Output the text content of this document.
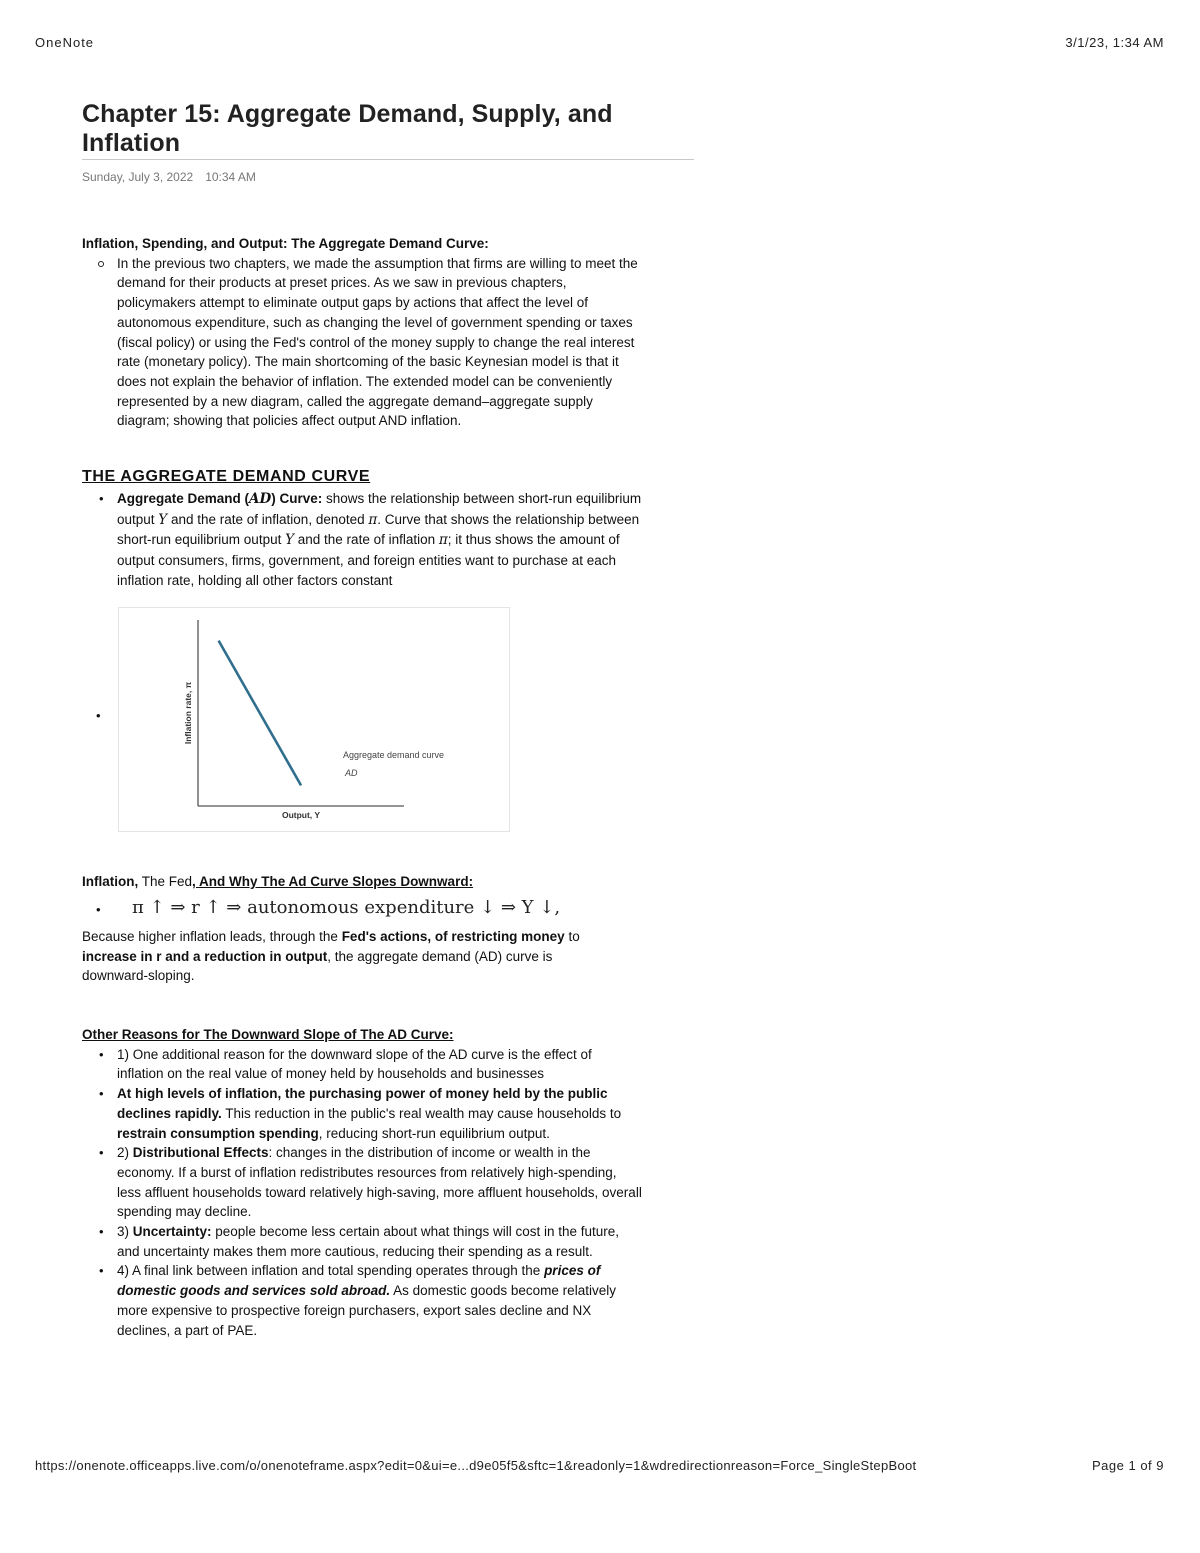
OneNote	3/1/23, 1:34 AM
Chapter 15: Aggregate Demand, Supply, and Inflation
Sunday, July 3, 2022 10:34 AM
Inflation, Spending, and Output: The Aggregate Demand Curve:
In the previous two chapters, we made the assumption that firms are willing to meet the demand for their products at preset prices. As we saw in previous chapters, policymakers attempt to eliminate output gaps by actions that affect the level of autonomous expenditure, such as changing the level of government spending or taxes (fiscal policy) or using the Fed's control of the money supply to change the real interest rate (monetary policy). The main shortcoming of the basic Keynesian model is that it does not explain the behavior of inflation. The extended model can be conveniently represented by a new diagram, called the aggregate demand–aggregate supply diagram; showing that policies affect output AND inflation.
THE AGGREGATE DEMAND CURVE
• Aggregate Demand (AD) Curve: shows the relationship between short-run equilibrium output Y and the rate of inflation, denoted π. Curve that shows the relationship between short-run equilibrium output Y and the rate of inflation π; it thus shows the amount of output consumers, firms, government, and foreign entities want to purchase at each inflation rate, holding all other factors constant
•	Inflation rate, π
Output, Y
Aggregate demand curve
AD
Inflation, The Fed, And Why The Ad Curve Slopes Downward:
• π ↑ ⇒ r ↑ ⇒ autonomous expenditure ↓ ⇒ Y ↓,
Because higher inflation leads, through the Fed's actions, of restricting money to increase in r and a reduction in output, the aggregate demand (AD) curve is downward-sloping.
Other Reasons for The Downward Slope of The AD Curve:
• 1) One additional reason for the downward slope of the AD curve is the effect of inflation on the real value of money held by households and businesses
• At high levels of inflation, the purchasing power of money held by the public declines rapidly. This reduction in the public's real wealth may cause households to restrain consumption spending, reducing short-run equilibrium output.
• 2) Distributional Effects: changes in the distribution of income or wealth in the economy. If a burst of inflation redistributes resources from relatively high-spending, less affluent households toward relatively high-saving, more affluent households, overall spending may decline.
• 3) Uncertainty: people become less certain about what things will cost in the future, and uncertainty makes them more cautious, reducing their spending as a result.
• 4) A final link between inflation and total spending operates through the prices of domestic goods and services sold abroad. As domestic goods become relatively more expensive to prospective foreign purchasers, export sales decline and NX declines, a part of PAE.
https://onenote.officeapps.live.com/o/onenoteframe.aspx?edit=0&ui=e...d9e05f5&sftc=1&readonly=1&wdredirectionreason=Force_SingleStepBoot	Page 1 of 9
